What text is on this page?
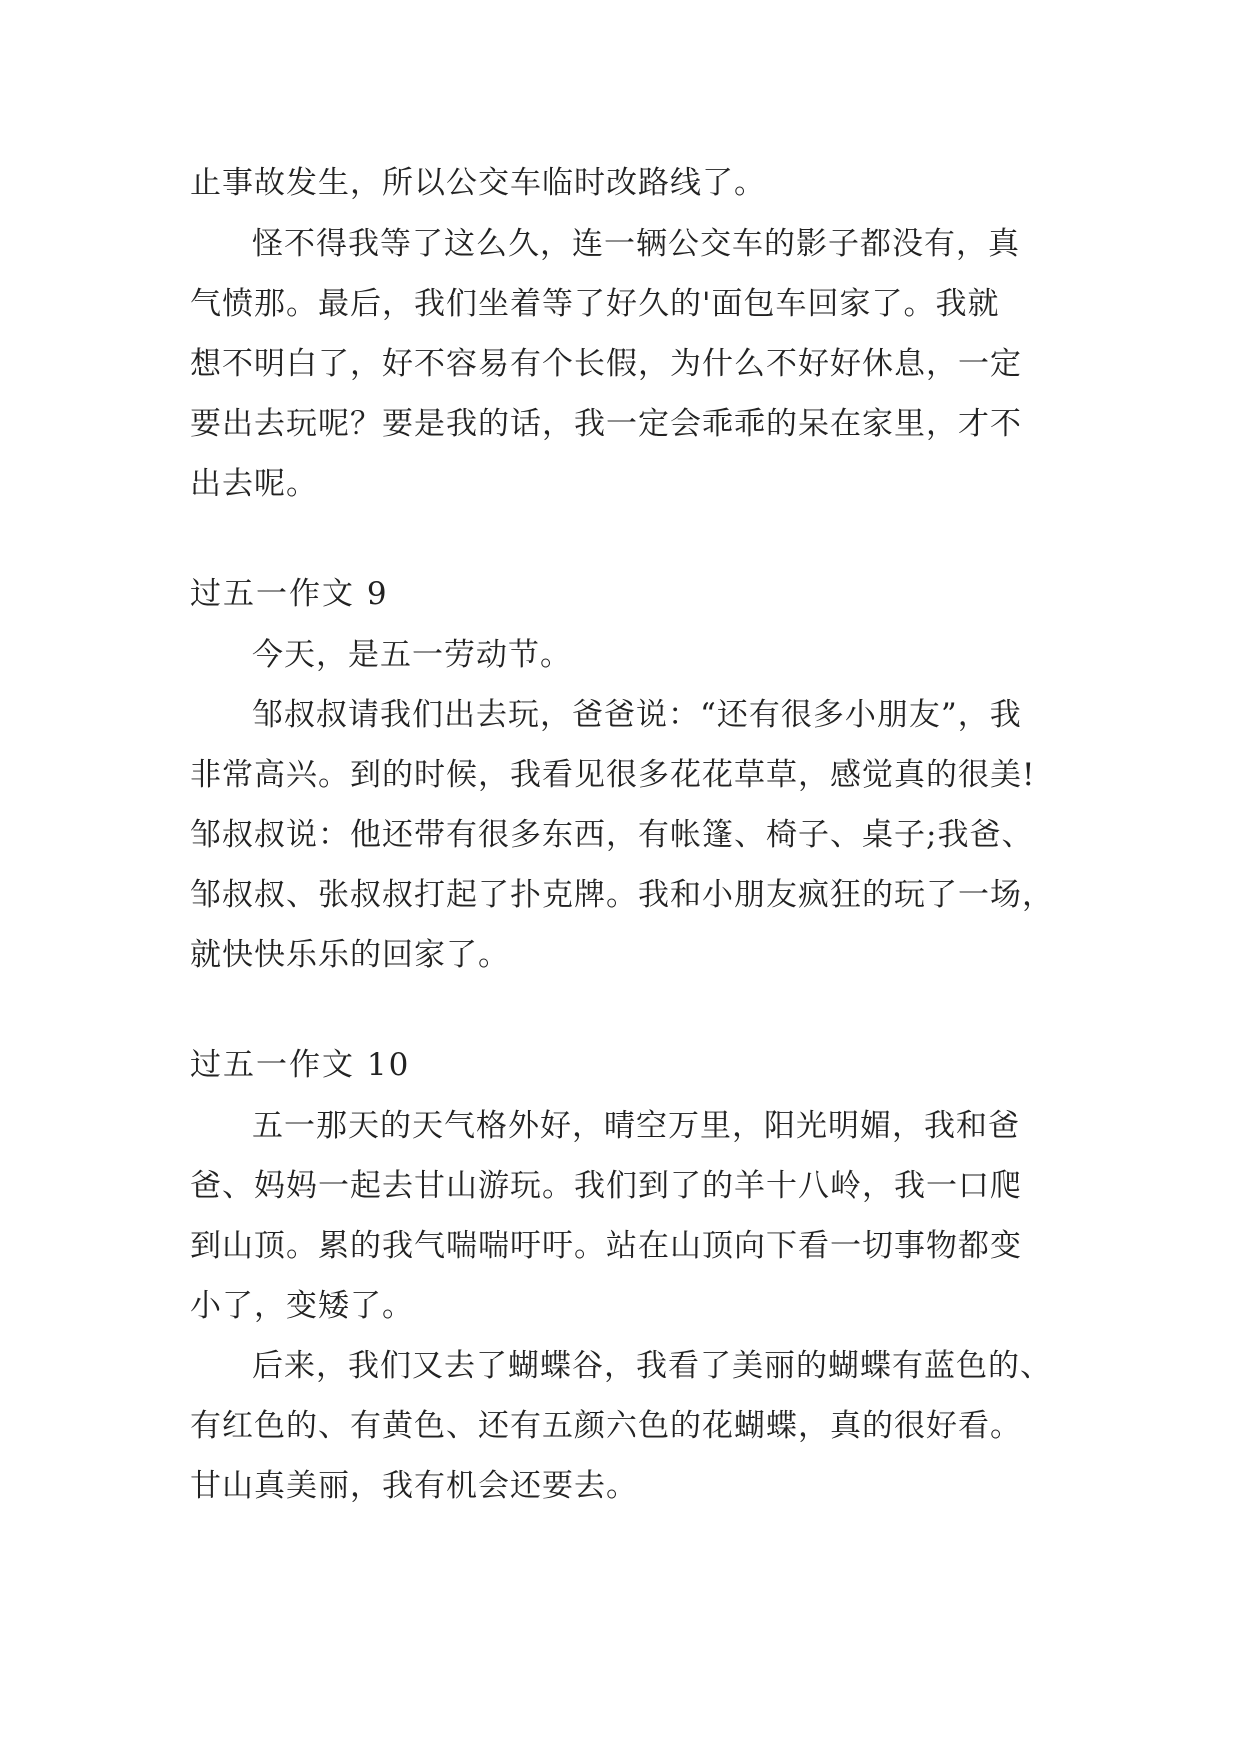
止事故发生，所以公交车临时改路线了。
怪不得我等了这么久，连一辆公交车的影子都没有，真
气愤那。最后，我们坐着等了好久的'面包车回家了。我就
想不明白了，好不容易有个长假，为什么不好好休息，一定
要出去玩呢？要是我的话，我一定会乖乖的呆在家里，才不
出去呢。
过五一作文 9
今天，是五一劳动节。
邹叔叔请我们出去玩，爸爸说：“还有很多小朋友”，我
非常高兴。到的时候，我看见很多花花草草，感觉真的很美!
邹叔叔说：他还带有很多东西，有帐篷、椅子、桌子;我爸、
邹叔叔、张叔叔打起了扑克牌。我和小朋友疯狂的玩了一场，
就快快乐乐的回家了。
过五一作文 10
五一那天的天气格外好，晴空万里，阳光明媚，我和爸
爸、妈妈一起去甘山游玩。我们到了的羊十八岭，我一口爬
到山顶。累的我气喘喘吁吁。站在山顶向下看一切事物都变
小了，变矮了。
后来，我们又去了蝴蝶谷，我看了美丽的蝴蝶有蓝色的、
有红色的、有黄色、还有五颜六色的花蝴蝶，真的很好看。
甘山真美丽，我有机会还要去。
